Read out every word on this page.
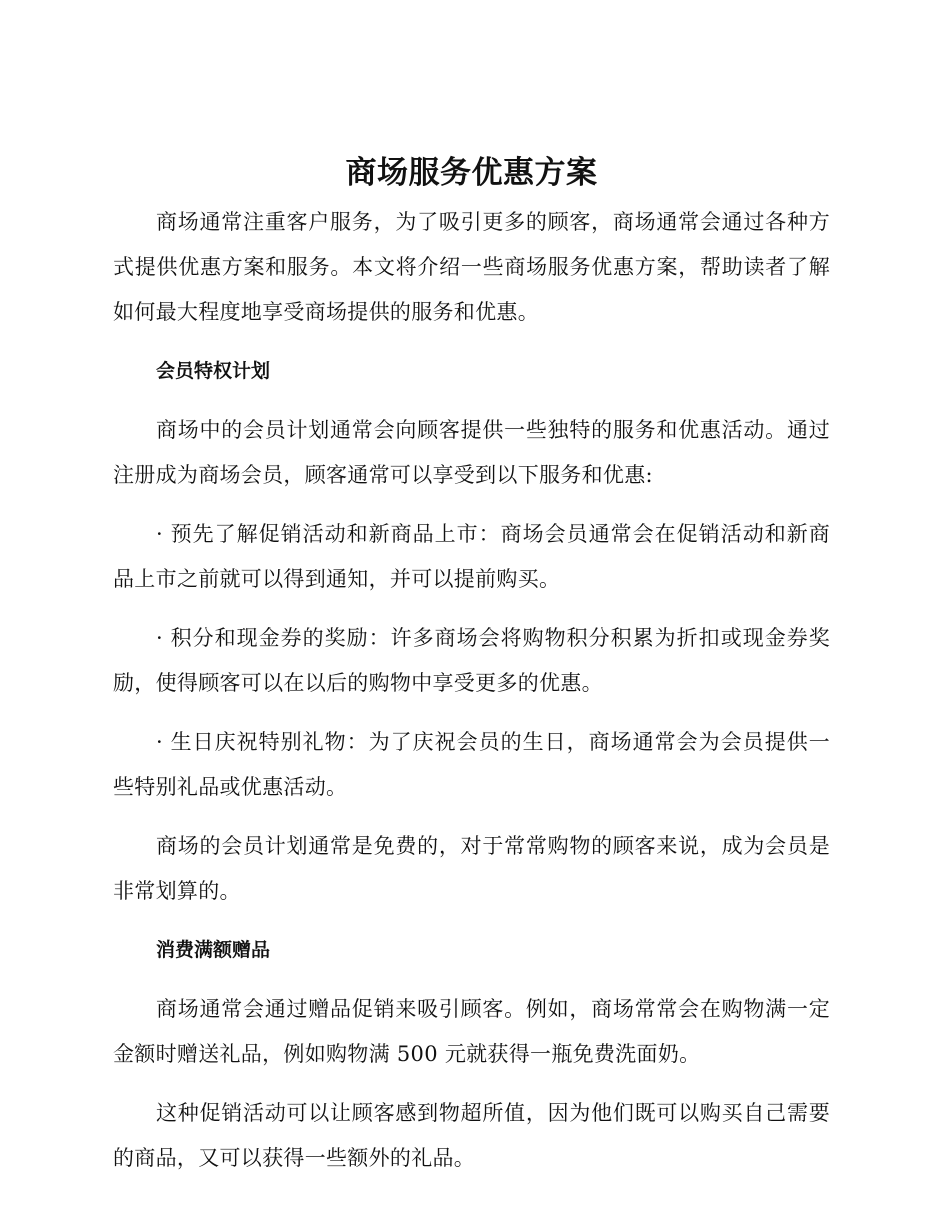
商场服务优惠方案

商场通常注重客户服务，为了吸引更多的顾客，商场通常会通过各种方式提供优惠方案和服务。本文将介绍一些商场服务优惠方案，帮助读者了解如何最大程度地享受商场提供的服务和优惠。

会员特权计划

商场中的会员计划通常会向顾客提供一些独特的服务和优惠活动。通过注册成为商场会员，顾客通常可以享受到以下服务和优惠:

· 预先了解促销活动和新商品上市：商场会员通常会在促销活动和新商品上市之前就可以得到通知，并可以提前购买。

· 积分和现金券的奖励：许多商场会将购物积分积累为折扣或现金券奖励，使得顾客可以在以后的购物中享受更多的优惠。

· 生日庆祝特别礼物：为了庆祝会员的生日，商场通常会为会员提供一些特别礼品或优惠活动。

商场的会员计划通常是免费的，对于常常购物的顾客来说，成为会员是非常划算的。

消费满额赠品

商场通常会通过赠品促销来吸引顾客。例如，商场常常会在购物满一定金额时赠送礼品，例如购物满 500 元就获得一瓶免费洗面奶。

这种促销活动可以让顾客感到物超所值，因为他们既可以购买自己需要的商品，又可以获得一些额外的礼品。
